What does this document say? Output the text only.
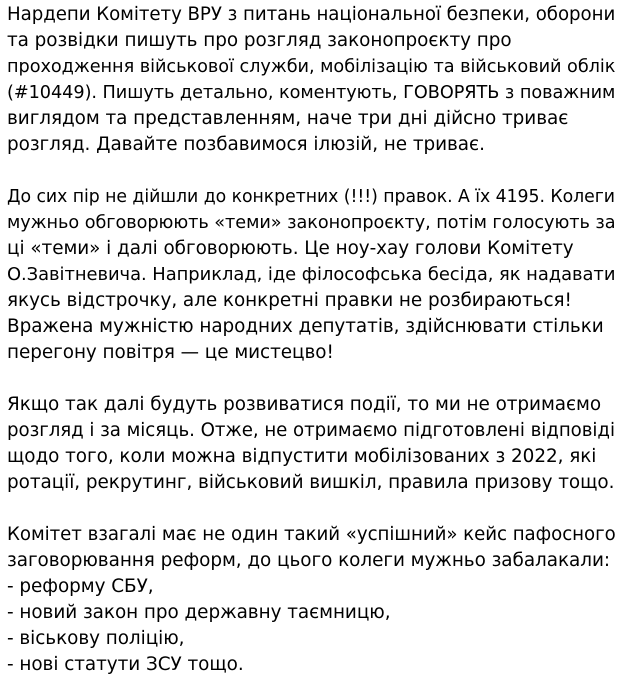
Нардепи Комітету ВРУ з питань національної безпеки, оборони
та розвідки пишуть про розгляд законопроєкту про
проходження військової служби, мобілізацію та військовий облік
(#10449). Пишуть детально, коментують, ГОВОРЯТЬ з поважним
виглядом та представленням, наче три дні дійсно триває
розгляд. Давайте позбавимося ілюзій, не триває.
До сих пір не дійшли до конкретних (!!!) правок. А їх 4195. Колеги
мужньо обговорюють «теми» законопроєкту, потім голосують за
ці «теми» і далі обговорюють. Це ноу-хау голови Комітету
О.Завітневича. Наприклад, іде філософська бесіда, як надавати
якусь відстрочку, але конкретні правки не розбираються!
Вражена мужністю народних депутатів, здійснювати стільки
перегону повітря — це мистецво!
Якщо так далі будуть розвиватися події, то ми не отримаємо
розгляд і за місяць. Отже, не отримаємо підготовлені відповіді
щодо того, коли можна відпустити мобілізованих з 2022, які
ротації, рекрутинг, військовий вишкіл, правила призову тощо.
Комітет взагалі має не один такий «успішний» кейс пафосного
заговорювання реформ, до цього колеги мужньо забалакали:
- реформу СБУ,
- новий закон про державну таємницю,
- віськову поліцію,
- нові статути ЗСУ тощо.
